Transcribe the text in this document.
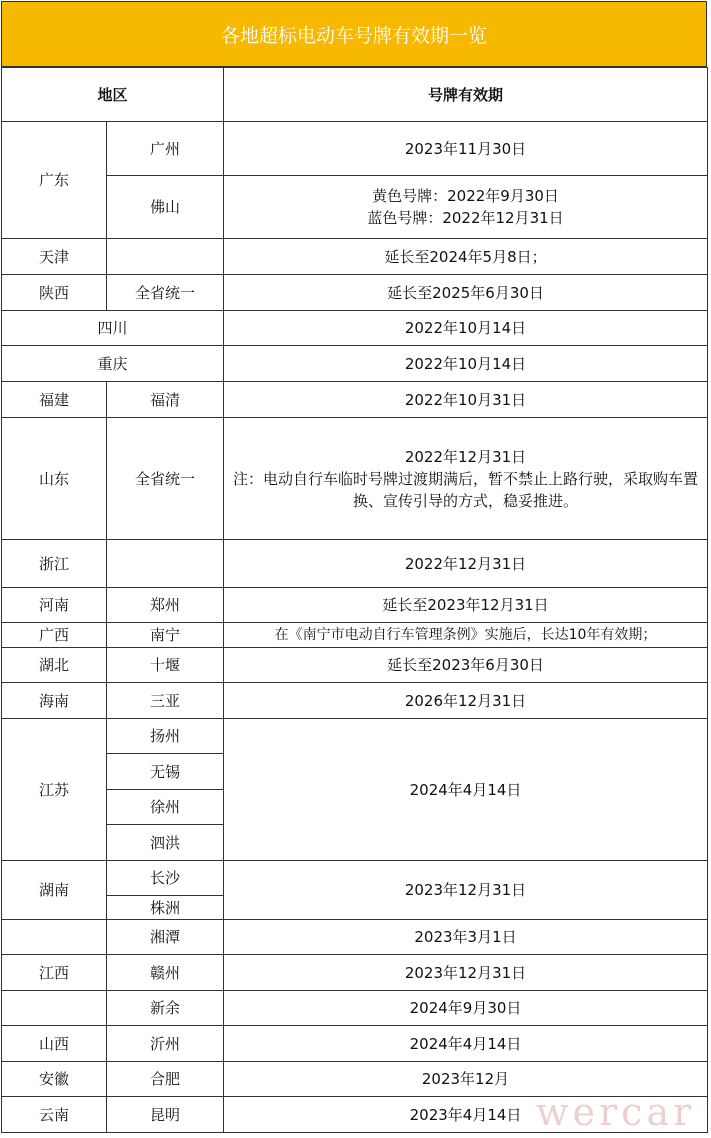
各地超标电动车号牌有效期一览
地区		号牌有效期
广东	广州	2023年11月30日
	佛山	黄色号牌：2022年9月30日
蓝色号牌：2022年12月31日

天津		延长至2024年5月8日；
陕西	全省统一	延长至2025年6月30日
四川		2022年10月14日
重庆		2022年10月14日
福建	福清	2022年10月31日
山东	全省统一	2022年12月31日
注：电动自行车临时号牌过渡期满后，暂不禁止上路行驶，采取购车置换、宣传引导的方式，稳妥推进。

浙江		2022年12月31日
河南	郑州	延长至2023年12月31日
广西	南宁	在《南宁市电动自行车管理条例》实施后，长达10年有效期；
湖北	十堰	延长至2023年6月30日
海南	三亚	2026年12月31日
江苏	扬州	2024年4月14日
	无锡	
	徐州	
	泗洪	
湖南	长沙	2023年12月31日
	株洲	
	湘潭	2023年3月1日
江西	赣州	2023年12月31日
	新余	2024年9月30日
山西	沂州	2024年4月14日
安徽	合肥	2023年12月
云南	昆明	2023年4月14日 wercar
